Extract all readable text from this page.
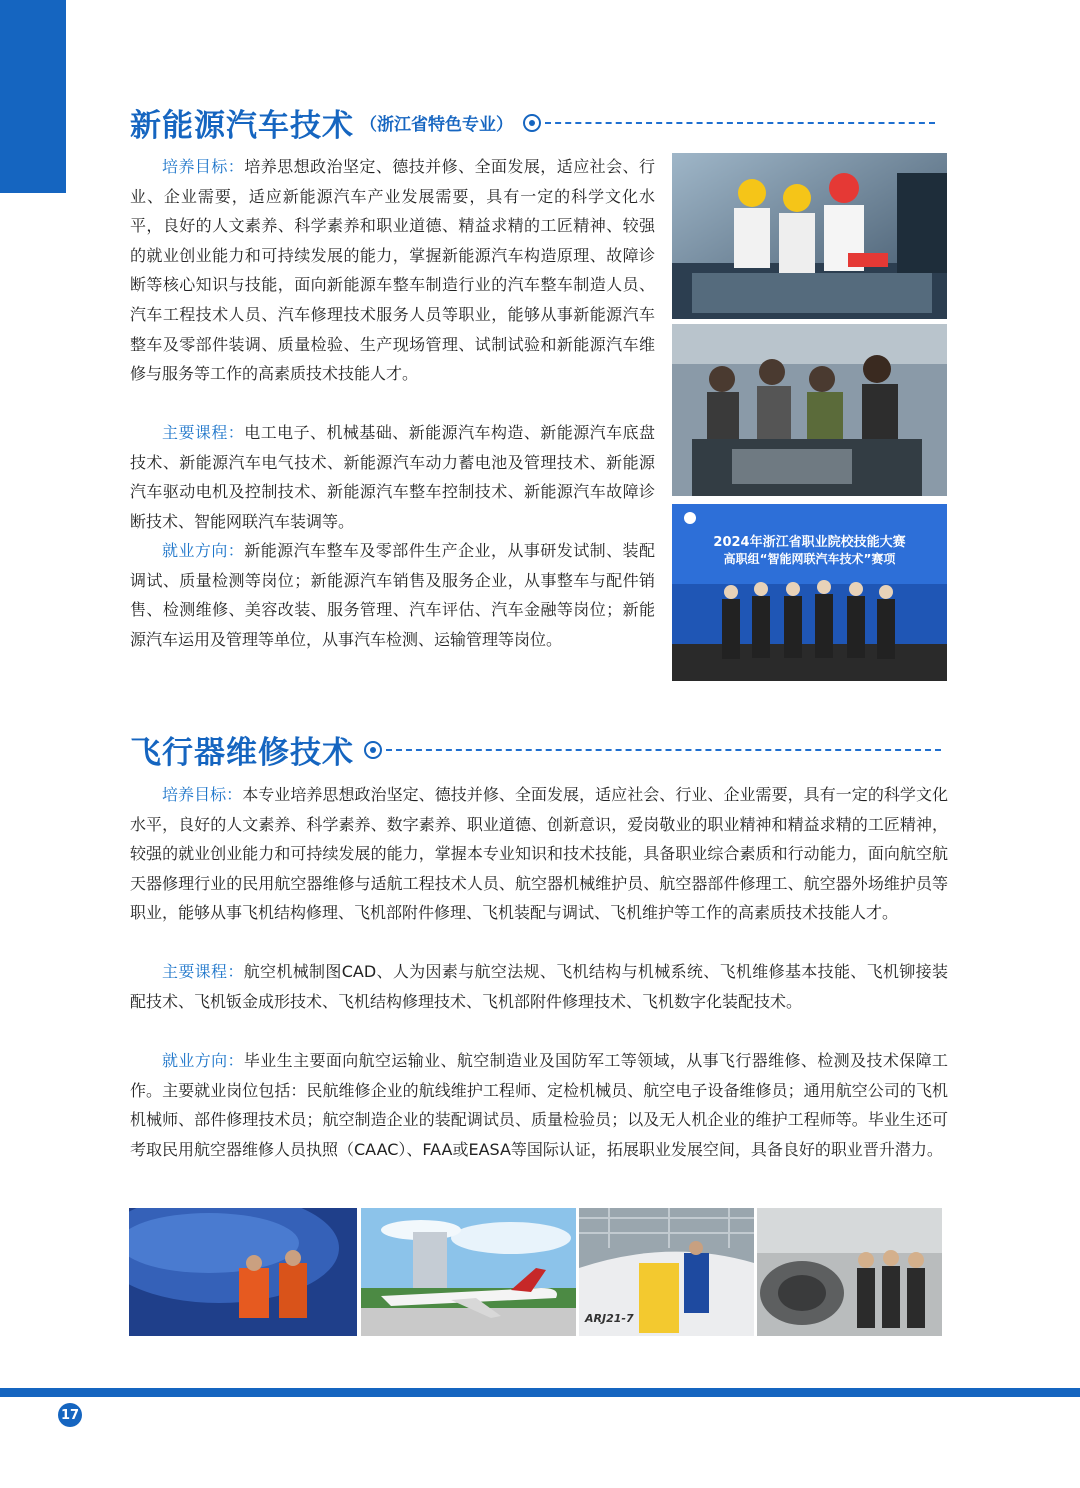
新能源汽车技术 （浙江省特色专业）

培养目标：培养思想政治坚定、德技并修、全面发展，适应社会、行业、企业需要，适应新能源汽车产业发展需要，具有一定的科学文化水平，良好的人文素养、科学素养和职业道德、精益求精的工匠精神、较强的就业创业能力和可持续发展的能力，掌握新能源汽车构造原理、故障诊断等核心知识与技能，面向新能源车整车制造行业的汽车整车制造人员、汽车工程技术人员、汽车修理技术服务人员等职业，能够从事新能源汽车整车及零部件装调、质量检验、生产现场管理、试制试验和新能源汽车维修与服务等工作的高素质技术技能人才。

主要课程：电工电子、机械基础、新能源汽车构造、新能源汽车底盘技术、新能源汽车电气技术、新能源汽车动力蓄电池及管理技术、新能源汽车驱动电机及控制技术、新能源汽车整车控制技术、新能源汽车故障诊断技术、智能网联汽车装调等。

就业方向：新能源汽车整车及零部件生产企业，从事研发试制、装配调试、质量检测等岗位；新能源汽车销售及服务企业，从事整车与配件销售、检测维修、美容改装、服务管理、汽车评估、汽车金融等岗位；新能源汽车运用及管理等单位，从事汽车检测、运输管理等岗位。

2024年浙江省职业院校技能大赛
高职组“智能网联汽车技术”赛项
飞行器维修技术

培养目标：本专业培养思想政治坚定、德技并修、全面发展，适应社会、行业、企业需要，具有一定的科学文化水平，良好的人文素养、科学素养、数字素养、职业道德、创新意识，爱岗敬业的职业精神和精益求精的工匠精神，较强的就业创业能力和可持续发展的能力，掌握本专业知识和技术技能，具备职业综合素质和行动能力，面向航空航天器修理行业的民用航空器维修与适航工程技术人员、航空器机械维护员、航空器部件修理工、航空器外场维护员等职业，能够从事飞机结构修理、飞机部附件修理、飞机装配与调试、飞机维护等工作的高素质技术技能人才。

主要课程：航空机械制图CAD、人为因素与航空法规、飞机结构与机械系统、飞机维修基本技能、飞机铆接装配技术、飞机钣金成形技术、飞机结构修理技术、飞机部附件修理技术、飞机数字化装配技术。

就业方向：毕业生主要面向航空运输业、航空制造业及国防军工等领域，从事飞行器维修、检测及技术保障工作。主要就业岗位包括：民航维修企业的航线维护工程师、定检机械员、航空电子设备维修员；通用航空公司的飞机机械师、部件修理技术员；航空制造企业的装配调试员、质量检验员；以及无人机企业的维护工程师等。毕业生还可考取民用航空器维修人员执照（CAAC）、FAA或EASA等国际认证，拓展职业发展空间，具备良好的职业晋升潜力。

ARJ21-7
17
